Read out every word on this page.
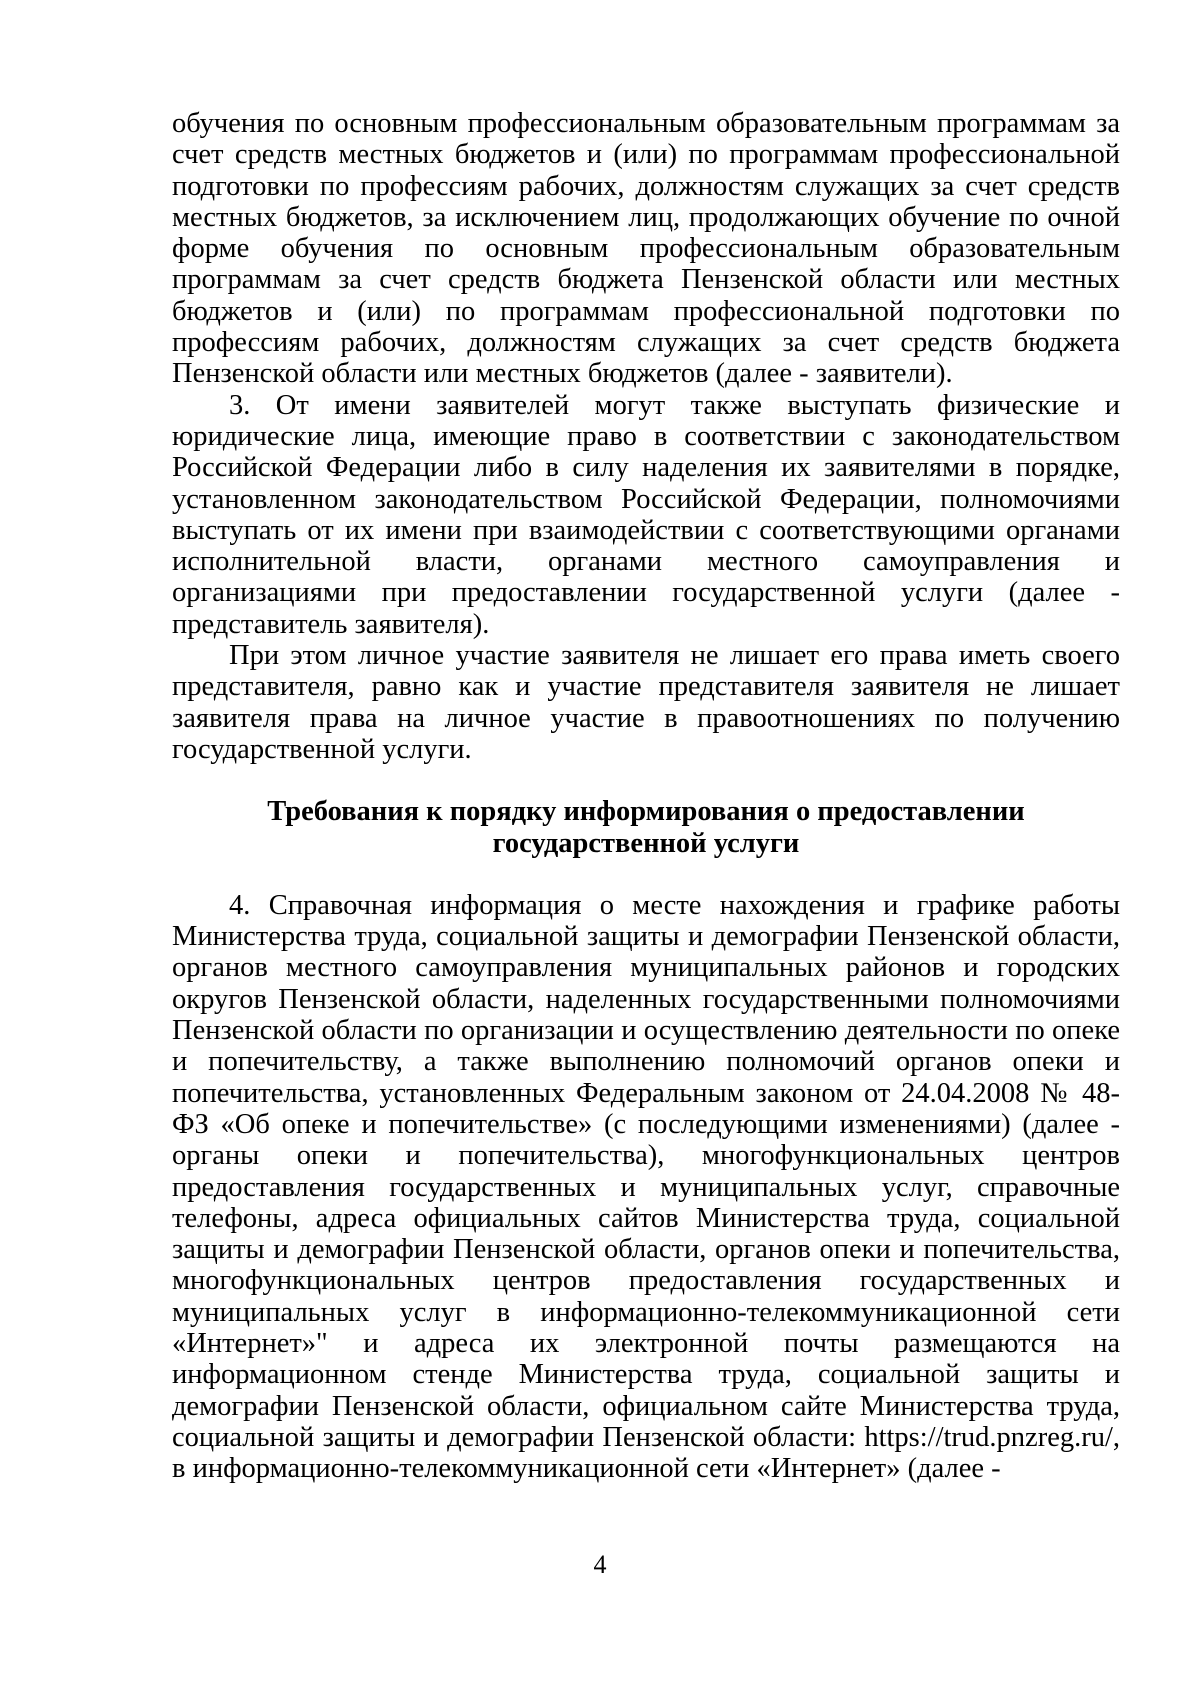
обучения по основным профессиональным образовательным программам за счет средств местных бюджетов и (или) по программам профессиональной подготовки по профессиям рабочих, должностям служащих за счет средств местных бюджетов, за исключением лиц, продолжающих обучение по очной форме обучения по основным профессиональным образовательным программам за счет средств бюджета Пензенской области или местных бюджетов и (или) по программам профессиональной подготовки по профессиям рабочих, должностям служащих за счет средств бюджета Пензенской области или местных бюджетов (далее - заявители).

3. От имени заявителей могут также выступать физические и юридические лица, имеющие право в соответствии с законодательством Российской Федерации либо в силу наделения их заявителями в порядке, установленном законодательством Российской Федерации, полномочиями выступать от их имени при взаимодействии с соответствующими органами исполнительной власти, органами местного самоуправления и организациями при предоставлении государственной услуги (далее - представитель заявителя).

При этом личное участие заявителя не лишает его права иметь своего представителя, равно как и участие представителя заявителя не лишает заявителя права на личное участие в правоотношениях по получению государственной услуги.

Требования к порядку информирования о предоставлении

государственной услуги

4. Справочная информация о месте нахождения и графике работы Министерства труда, социальной защиты и демографии Пензенской области, органов местного самоуправления муниципальных районов и городских округов Пензенской области, наделенных государственными полномочиями Пензенской области по организации и осуществлению деятельности по опеке и попечительству, а также выполнению полномочий органов опеки и попечительства, установленных Федеральным законом от 24.04.2008 № 48-ФЗ «Об опеке и попечительстве» (с последующими изменениями) (далее - органы опеки и попечительства), многофункциональных центров предоставления государственных и муниципальных услуг, справочные телефоны, адреса официальных сайтов Министерства труда, социальной защиты и демографии Пензенской области, органов опеки и попечительства, многофункциональных центров предоставления государственных и муниципальных услуг в информационно-телекоммуникационной сети «Интернет»" и адреса их электронной почты размещаются на информационном стенде Министерства труда, социальной защиты и демографии Пензенской области, официальном сайте Министерства труда, социальной защиты и демографии Пензенской области: https://trud.pnzreg.ru/, в информационно-телекоммуникационной сети «Интернет» (далее -

4
